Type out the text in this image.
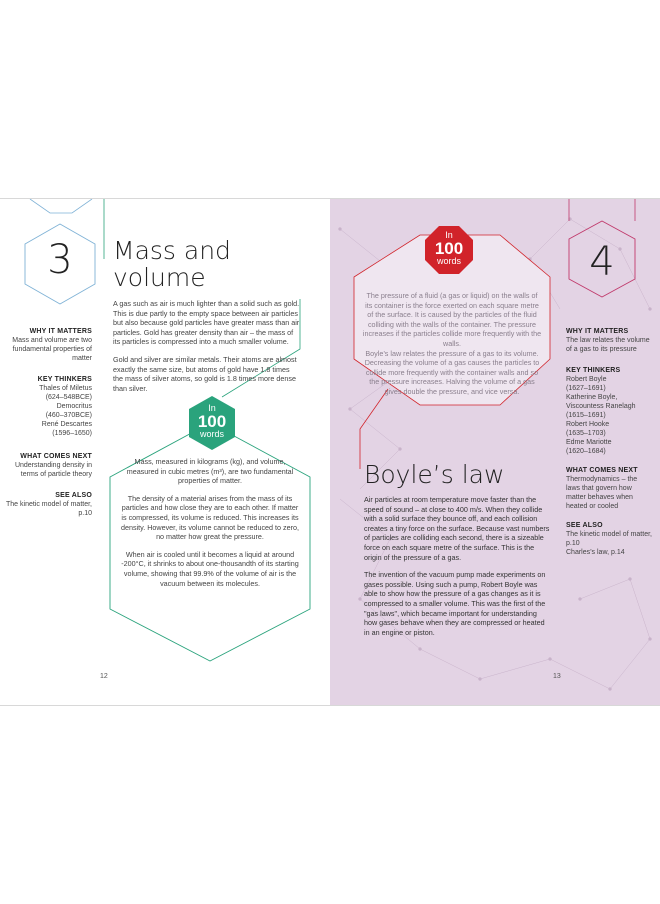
3
WHY IT MATTERS

Mass and volume are two fundamental properties of matter

KEY THINKERS

Thales of Miletus

(624–548BCE)

Democritus

(460–370BCE)

René Descartes

(1596–1650)

WHAT COMES NEXT

Understanding density in terms of particle theory

SEE ALSO

The kinetic model of matter, p.10

Mass and
volume

A gas such as air is much lighter than a solid such as gold. This is due partly to the empty space between air particles but also because gold particles have greater mass than air particles. Gold has greater density than air – the mass of its particles is compressed into a much smaller volume.

Gold and silver are similar metals. Their atoms are almost exactly the same size, but atoms of gold have 1.8 times the mass of silver atoms, so gold is 1.8 times more dense than silver.

In
100
words

Mass, measured in kilograms (kg), and volume, measured in cubic metres (m³), are two fundamental properties of matter.

The density of a material arises from the mass of its particles and how close they are to each other. If matter is compressed, its volume is reduced. This increases its density. However, its volume cannot be reduced to zero, no matter how great the pressure.

When air is cooled until it becomes a liquid at around -200°C, it shrinks to about one-thousandth of its starting volume, showing that 99.9% of the volume of air is the vacuum between its molecules.

12
In
100
words

The pressure of a fluid (a gas or liquid) on the walls of its container is the force exerted on each square metre of the surface. It is caused by the particles of the fluid colliding with the walls of the container. The pressure increases if the particles collide more frequently with the walls.

Boyle’s law relates the pressure of a gas to its volume. Decreasing the volume of a gas causes the particles to collide more frequently with the container walls and so the pressure increases. Halving the volume of a gas gives double the pressure, and vice versa.

4
Boyle’s law

Air particles at room temperature move faster than the speed of sound – at close to 400 m/s. When they collide with a solid surface they bounce off, and each collision creates a tiny force on the surface. Because vast numbers of particles are colliding each second, there is a sizeable force on each square metre of the surface. This is the origin of the pressure of a gas.

The invention of the vacuum pump made experiments on gases possible. Using such a pump, Robert Boyle was able to show how the pressure of a gas changes as it is compressed to a smaller volume. This was the first of the "gas laws", which became important for understanding how gases behave when they are compressed or heated in an engine or piston.

13
WHY IT MATTERS

The law relates the volume of a gas to its pressure

KEY THINKERS

Robert Boyle

(1627–1691)

Katherine Boyle,

Viscountess Ranelagh

(1615–1691)

Robert Hooke

(1635–1703)

Edme Mariotte

(1620–1684)

WHAT COMES NEXT

Thermodynamics – the laws that govern how matter behaves when heated or cooled

SEE ALSO

The kinetic model of matter, p.10

Charles’s law, p.14
